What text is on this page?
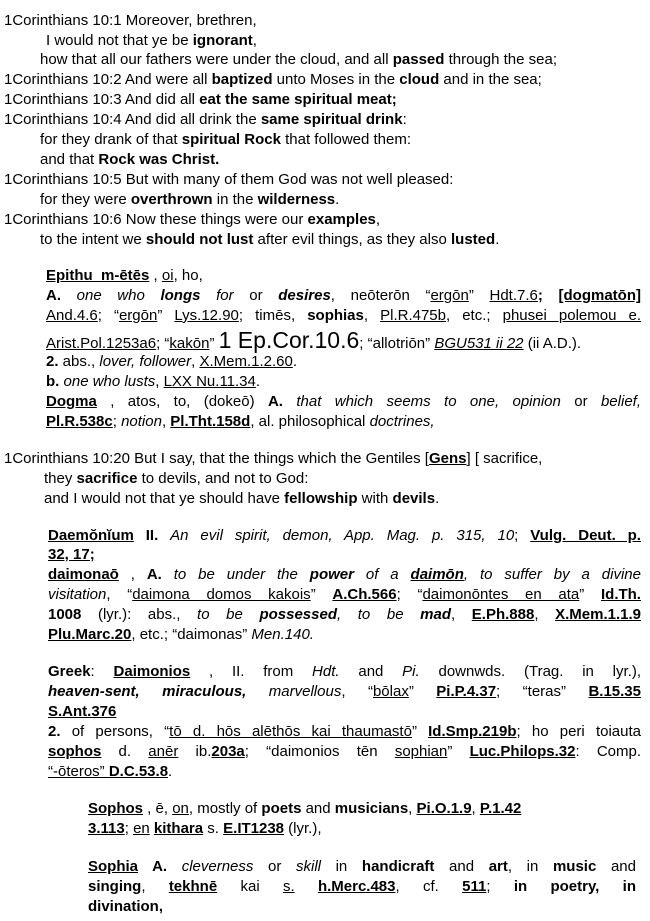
1Corinthians 10:1 Moreover, brethren,
I would not that ye be ignorant,
how that all our fathers were under the cloud, and all passed through the sea;
1Corinthians 10:2 And were all baptized unto Moses in the cloud and in the sea;
1Corinthians 10:3 And did all eat the same spiritual meat;
1Corinthians 10:4 And did all drink the same spiritual drink:
for they drank of that spiritual Rock that followed them:
and that Rock was Christ.
1Corinthians 10:5 But with many of them God was not well pleased:
for they were overthrown in the wilderness.
1Corinthians 10:6 Now these things were our examples,
to the intent we should not lust after evil things, as they also lusted.
Epithu_m-ētēs , oi, ho,
A. one who longs for or desires, neōterōn “ergōn” Hdt.7.6; [dogmatōn]
And.4.6; “ergōn” Lys.12.90; timēs, sophias, Pl.R.475b, etc.; phusei polemou e.
Arist.Pol.1253a6; “kakōn” 1 Ep.Cor.10.6; “allotriōn” BGU531 ii 22 (ii A.D.).
2. abs., lover, follower, X.Mem.1.2.60.
b. one who lusts, LXX Nu.11.34.
Dogma , atos, to, (dokeō) A. that which seems to one, opinion or belief,
Pl.R.538c; notion, Pl.Tht.158d, al. philosophical doctrines,
1Corinthians 10:20 But I say, that the things which the Gentiles [Gens] [ sacrifice,
they sacrifice to devils, and not to God:
and I would not that ye should have fellowship with devils.
Daemŏnĭum II. An evil spirit, demon, App. Mag. p. 315, 10; Vulg. Deut. p.
32, 17;
daimonaō , A. to be under the power of a daimōn, to suffer by a divine
visitation, “daimona domos kakois” A.Ch.566; “daimonōntes en ata” Id.Th.
1008 (lyr.): abs., to be possessed, to be mad, E.Ph.888, X.Mem.1.1.9
Plu.Marc.20, etc.; “daimonas” Men.140.
Greek: Daimonios , II. from Hdt. and Pi. downwds. (Trag. in lyr.),
heaven-sent, miraculous, marvellous, “bōlax” Pi.P.4.37; “teras” B.15.35
S.Ant.376
2. of persons, “tō d. hōs alēthōs kai thaumastō” Id.Smp.219b; ho peri toiauta
sophos d. anēr ib.203a; “daimonios tēn sophian” Luc.Philops.32: Comp.
“-ōteros” D.C.53.8.
Sophos , ē, on, mostly of poets and musicians, Pi.O.1.9, P.1.42
3.113; en kithara s. E.IT1238 (lyr.),
Sophia A. cleverness or skill in handicraft and art, in music and
singing, tekhnē kai s. h.Merc.483, cf. 511; in poetry, in
divination,
